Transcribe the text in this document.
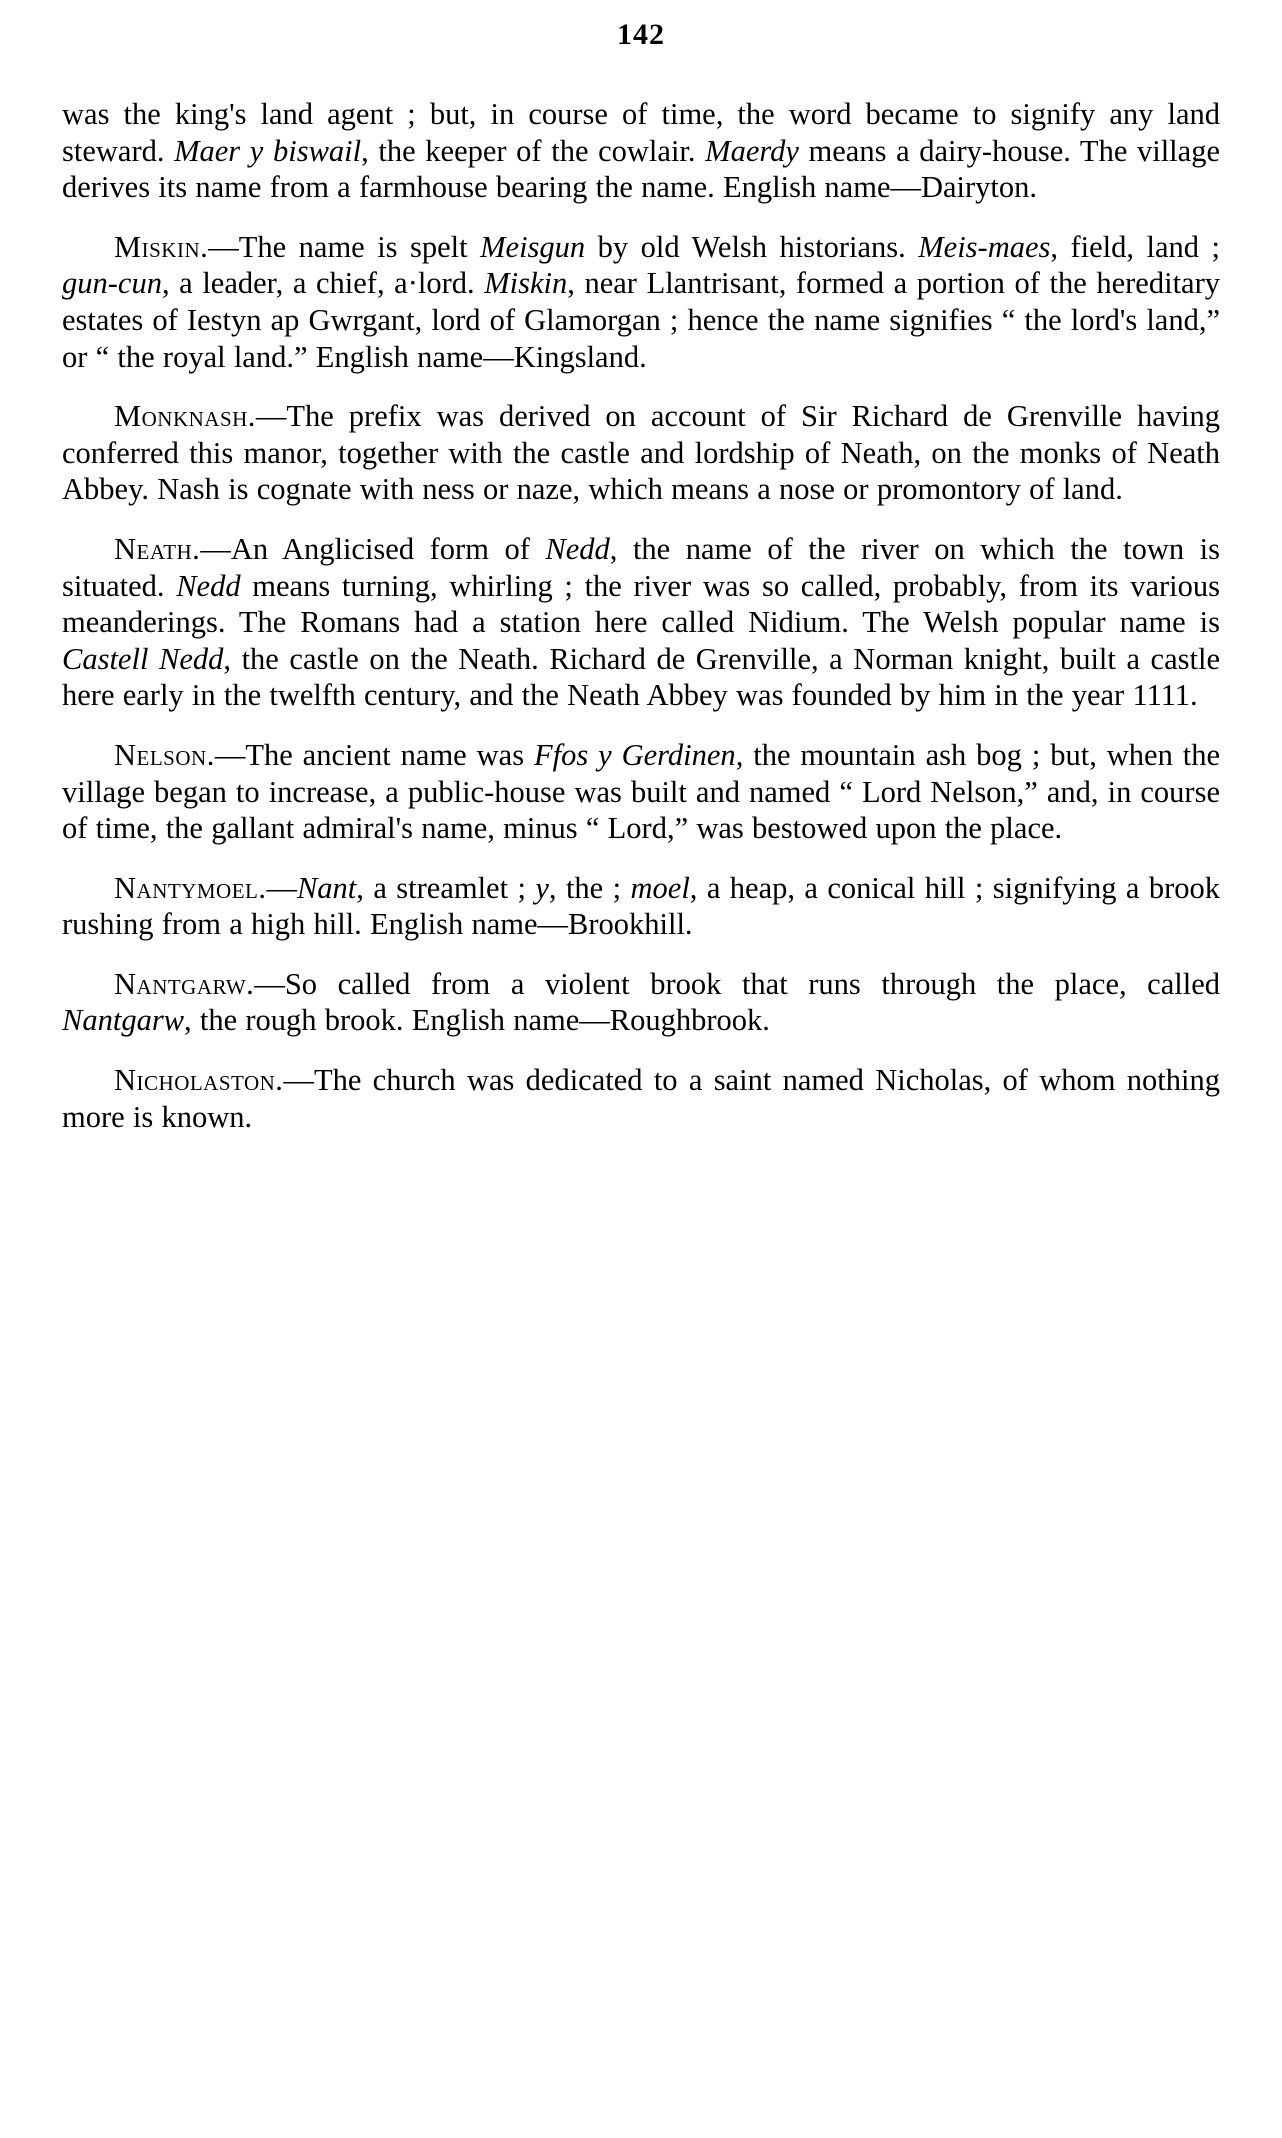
142

was the king's land agent ; but, in course of time, the word became to signify any land steward. Maer y biswail, the keeper of the cowlair. Maerdy means a dairy-house. The village derives its name from a farmhouse bearing the name. English name—Dairyton.

Miskin.—The name is spelt Meisgun by old Welsh historians. Meis-maes, field, land ; gun-cun, a leader, a chief, a·lord. Miskin, near Llantrisant, formed a portion of the hereditary estates of Iestyn ap Gwrgant, lord of Glamorgan ; hence the name signifies “ the lord's land,” or “ the royal land.” English name—Kingsland.

Monknash.—The prefix was derived on account of Sir Richard de Grenville having conferred this manor, together with the castle and lordship of Neath, on the monks of Neath Abbey. Nash is cognate with ness or naze, which means a nose or promontory of land.

Neath.—An Anglicised form of Nedd, the name of the river on which the town is situated. Nedd means turning, whirling ; the river was so called, probably, from its various meanderings. The Romans had a station here called Nidium. The Welsh popular name is Castell Nedd, the castle on the Neath. Richard de Grenville, a Norman knight, built a castle here early in the twelfth century, and the Neath Abbey was founded by him in the year 1111.

Nelson.—The ancient name was Ffos y Gerdinen, the mountain ash bog ; but, when the village began to increase, a public-house was built and named “ Lord Nelson,” and, in course of time, the gallant admiral's name, minus “ Lord,” was bestowed upon the place.

Nantymoel.—Nant, a streamlet ; y, the ; moel, a heap, a conical hill ; signifying a brook rushing from a high hill. English name—Brookhill.

Nantgarw.—So called from a violent brook that runs through the place, called Nantgarw, the rough brook. English name—Roughbrook.

Nicholaston.—The church was dedicated to a saint named Nicholas, of whom nothing more is known.
